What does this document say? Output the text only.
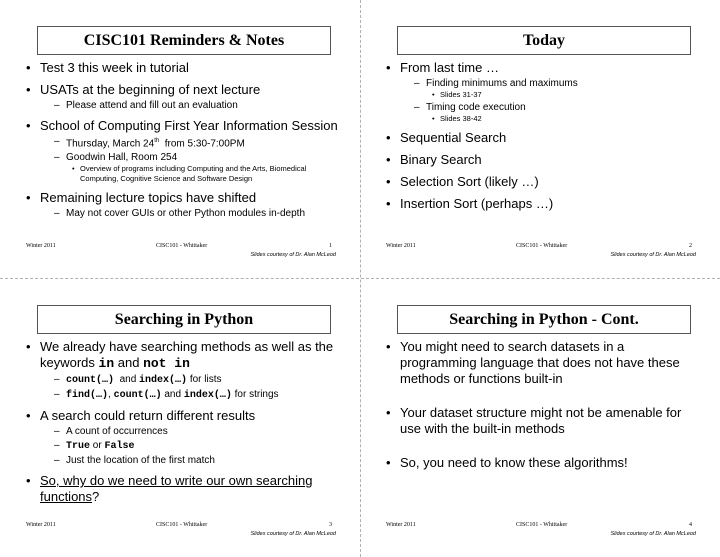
CISC101 Reminders & Notes
• Test 3 this week in tutorial
• USATs at the beginning of next lecture
– Please attend and fill out an evaluation
• School of Computing First Year Information Session
– Thursday, March 24th  from 5:30-7:00PM
– Goodwin Hall, Room 254
• Overview of programs including Computing and the Arts, Biomedical Computing, Cognitive Science and Software Design
• Remaining lecture topics have shifted
– May not cover GUIs or other Python modules in-depth
Winter 2011	CISC101 - Whittaker	1
Slides courtesy of Dr. Alan McLeod
Today
• From last time …
– Finding minimums and maximums
• Slides 31-37
– Timing code execution
• Slides 38-42
• Sequential Search
• Binary Search
• Selection Sort (likely …)
• Insertion Sort (perhaps …)
Winter 2011	CISC101 - Whittaker	2
Slides courtesy of Dr. Alan McLeod
Searching in Python
• We already have searching methods as well as the keywords in and not in
– count(…)  and index(…) for lists
– find(…), count(…) and index(…) for strings
• A search could return different results
– A count of occurrences
– True or False
– Just the location of the first match
• So, why do we need to write our own searching functions?
Winter 2011	CISC101 - Whittaker	3
Slides courtesy of Dr. Alan McLeod
Searching in Python - Cont.
• You might need to search datasets in a programming language that does not have these methods or functions built-in
• Your dataset structure might not be amenable for use with the built-in methods
• So, you need to know these algorithms!
Winter 2011	CISC101 - Whittaker	4
Slides courtesy of Dr. Alan McLeod
